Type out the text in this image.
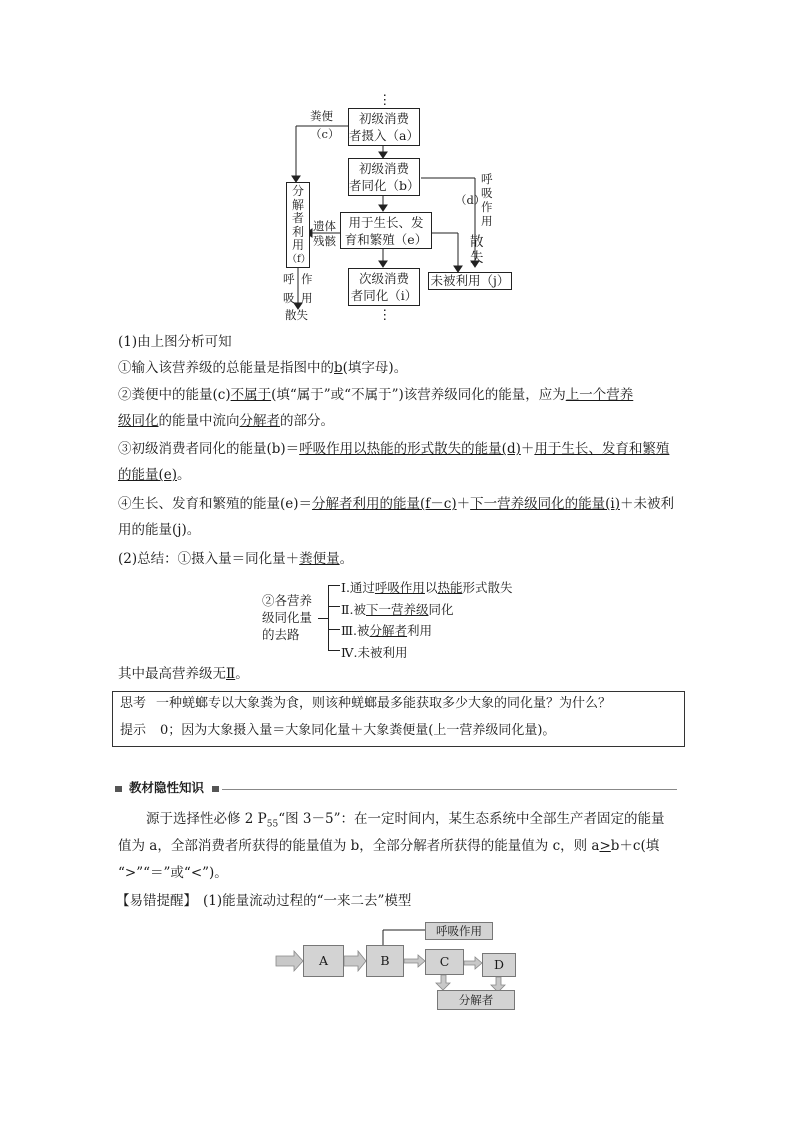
⋮
粪便
（c）
初级消费
者摄入（a）
初级消费
者同化（b）
用于生长、发
育和繁殖（e）
次级消费
者同化（i）
未被利用（j）
分
解
者
利
用
（f）
遗体
残骸
（d）
呼
吸
作
用
散
失
呼
吸
作
用
散失	⋮
(1)由上图分析可知
①输入该营养级的总能量是指图中的b(填字母)。
②粪便中的能量(c)不属于(填“属于”或“不属于”)该营养级同化的能量，应为上一个营养
级同化的能量中流向分解者的部分。
③初级消费者同化的能量(b)＝呼吸作用以热能的形式散失的能量(d)＋用于生长、发育和繁殖
的能量(e)。
④生长、发育和繁殖的能量(e)＝分解者利用的能量(f－c)＋下一营养级同化的能量(i)＋未被利
用的能量(j)。
(2)总结：①摄入量＝同化量＋粪便量。
②各营养
级同化量
的去路
Ⅰ.通过呼吸作用以热能形式散失
Ⅱ.被下一营养级同化
Ⅲ.被分解者利用
Ⅳ.未被利用
其中最高营养级无Ⅱ。
思考 一种蜣螂专以大象粪为食，则该种蜣螂最多能获取多少大象的同化量？为什么？
提示 0；因为大象摄入量＝大象同化量＋大象粪便量(上一营养级同化量)。
教材隐性知识
源于选择性必修 2 $P_{55}“$图 3－5”：在一定时间内，某生态系统中全部生产者固定的能量
值为 a，全部消费者所获得的能量值为 b，全部分解者所获得的能量值为 c，则 a>b＋c(填
“>”“＝”或“<”)。
【易错提醒】 (1)能量流动过程的“一来二去”模型
A	B	C	D
呼吸作用
分解者
